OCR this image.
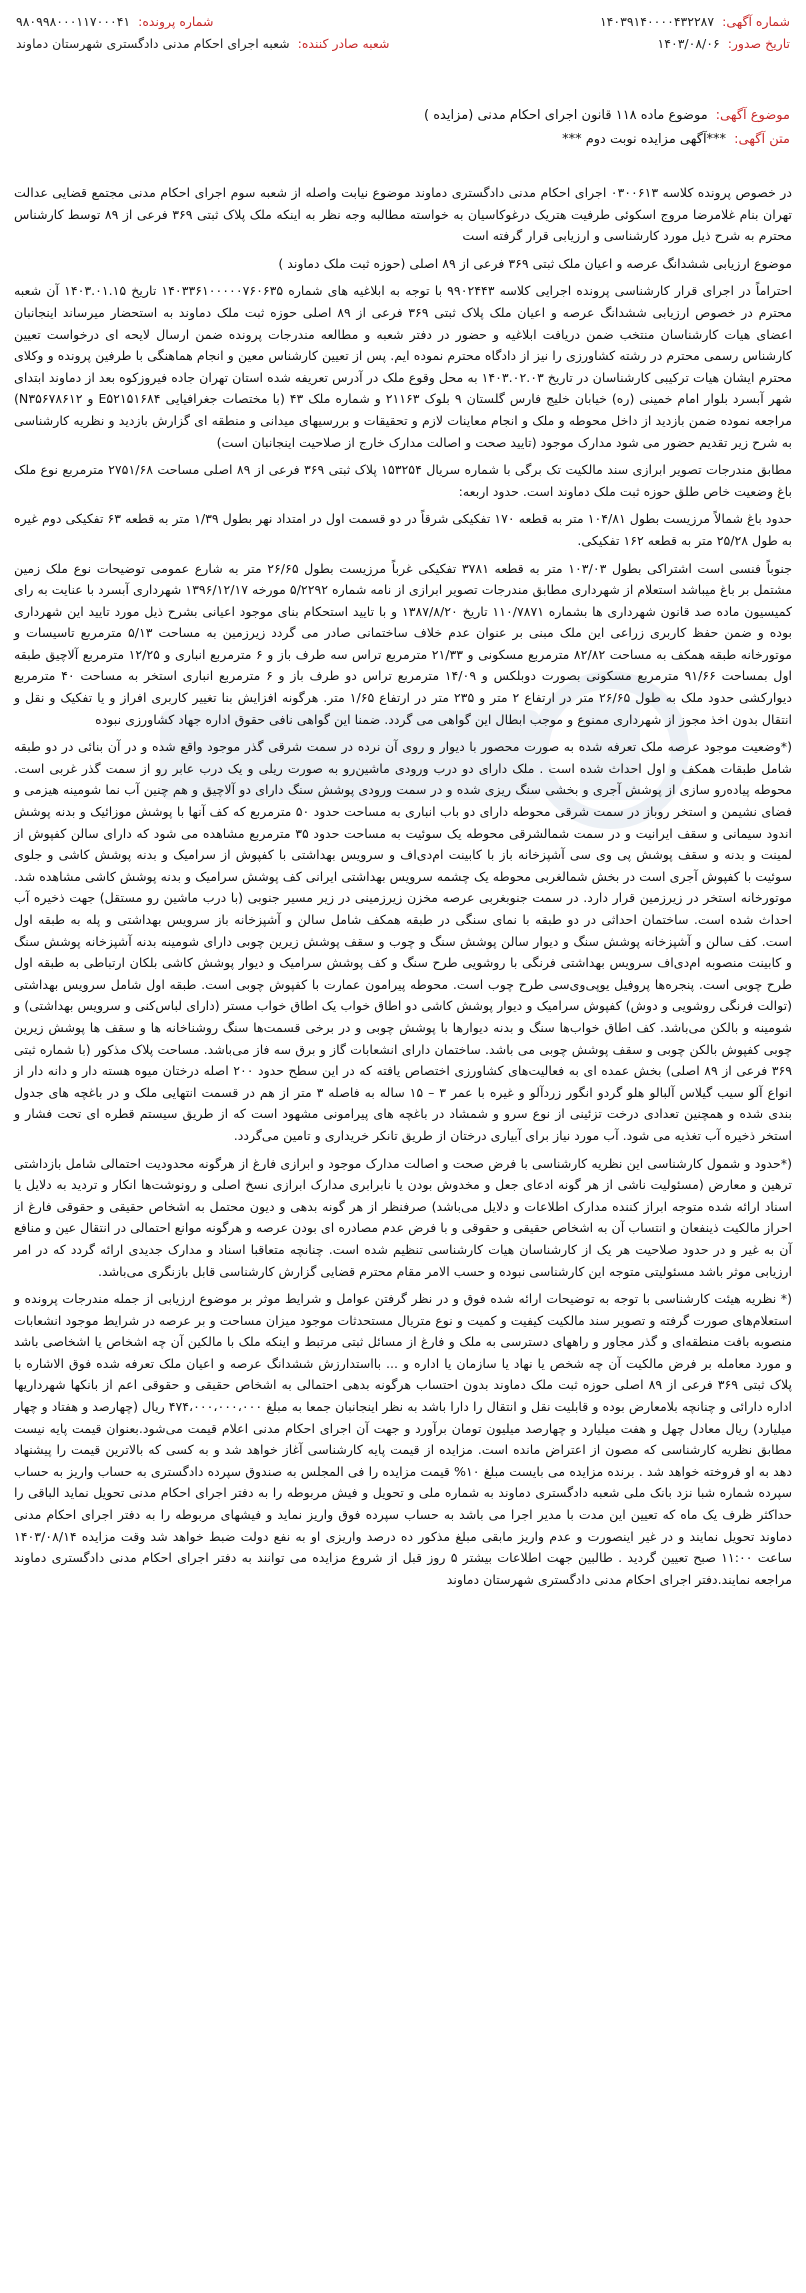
شماره آگهی:
۱۴۰۳۹۱۴۰۰۰۰۴۳۲۲۸۷
شماره پرونده:
۹۸۰۹۹۸۰۰۰۱۱۷۰۰۰۴۱
تاریخ صدور:
۱۴۰۳/۰۸/۰۶
شعبه صادر کننده:
شعبه اجرای احکام مدنی دادگستری شهرستان دماوند
موضوع آگهی:
موضوع ماده ۱۱۸ قانون اجرای احکام مدنی (مزایده )
متن آگهی:
***آگهی مزایده نوبت دوم ***

در خصوص پرونده کلاسه ۰۳۰۰۶۱۳ اجرای احکام مدنی دادگستری دماوند موضوع نیابت واصله از شعبه سوم اجرای احکام مدنی مجتمع قضایی عدالت تهران بنام غلامرضا مروج اسکوئی طرفیت هتریک درغوکاسیان به خواسته مطالبه وجه نظر به اینکه ملک پلاک ثبتی ۳۶۹ فرعی از ۸۹ توسط کارشناس محترم به شرح ذیل مورد کارشناسی و ارزیابی قرار گرفته است

موضوع ارزیابی ششدانگ عرصه و اعیان ملک ثبتی ۳۶۹ فرعی از ۸۹ اصلی (حوزه ثبت ملک دماوند )

احتراماً در اجرای قرار کارشناسی پرونده اجرایی کلاسه ۹۹۰۲۴۴۳ با توجه به ابلاغیه های شماره ۱۴۰۳۳۶۱۰۰۰۰۰۷۶۰۶۳۵ تاریخ ۱۴۰۳.۰۱.۱۵ آن شعبه محترم در خصوص ارزیابی ششدانگ عرصه و اعیان ملک پلاک ثبتی ۳۶۹ فرعی از ۸۹ اصلی حوزه ثبت ملک دماوند به استحضار میرساند اینجانبان اعضای هیات کارشناسان منتخب ضمن دریافت ابلاغیه و حضور در دفتر شعبه و مطالعه مندرجات پرونده ضمن ارسال لایحه ای درخواست تعیین کارشناس رسمی محترم در رشته کشاورزی را نیز از دادگاه محترم نموده ایم. پس از تعیین کارشناس معین و انجام هماهنگی با طرفین پرونده و وکلای محترم ایشان هیات ترکیبی کارشناسان در تاریخ ۱۴۰۳.۰۲.۰۳ به محل وقوع ملک در آدرس تعریفه شده استان تهران جاده فیروزکوه بعد از دماوند ابتدای شهر آبسرد بلوار امام خمینی (ره) خیابان خلیج فارس گلستان ۹ بلوک ۲۱۱۶۳ و شماره ملک ۴۳ (با مختصات جغرافیایی E۵۲۱۵۱۶۸۴ و N۳۵۶۷۸۶۱۲) مراجعه نموده ضمن بازدید از داخل محوطه و ملک و انجام معاینات لازم و تحقیقات و بررسیهای میدانی و منطقه ای گزارش بازدید و نظریه کارشناسی به شرح زیر تقدیم حضور می شود مدارک موجود (تایید صحت و اصالت مدارک خارج از صلاحیت اینجانبان است)

مطابق مندرجات تصویر ابرازی سند مالکیت تک برگی با شماره سریال ۱۵۳۲۵۴ پلاک ثبتی ۳۶۹ فرعی از ۸۹ اصلی مساحت ۲۷۵۱/۶۸ مترمربع نوع ملک باغ وضعیت خاص طلق حوزه ثبت ملک دماوند است. حدود اربعه:

حدود باغ شمالاً مرزیست بطول ۱۰۴/۸۱ متر به قطعه ۱۷۰ تفکیکی شرقاً در دو قسمت اول در امتداد نهر بطول ۱/۳۹ متر به قطعه ۶۳ تفکیکی دوم غیره به طول ۲۵/۲۸ متر به قطعه ۱۶۲ تفکیکی.

جنوباً فنسی است اشتراکی بطول ۱۰۳/۰۳ متر به قطعه ۳۷۸۱ تفکیکی غرباً مرزیست بطول ۲۶/۶۵ متر به شارع عمومی توضیحات نوع ملک زمین مشتمل بر باغ میباشد استعلام از شهرداری مطابق مندرجات تصویر ابرازی از نامه شماره ۵/۲۲۹۲ مورخه ۱۳۹۶/۱۲/۱۷ شهرداری آبسرد با عنایت به رای کمیسیون ماده صد قانون شهرداری ها بشماره ۱۱۰/۷۸۷۱ تاریخ ۱۳۸۷/۸/۲۰ و با تایید استحکام بنای موجود اعیانی بشرح ذیل مورد تایید این شهرداری بوده و ضمن حفظ کاربری زراعی این ملک مبنی بر عنوان عدم خلاف ساختمانی صادر می گردد زیرزمین به مساحت ۵/۱۳ مترمربع تاسیسات و موتورخانه طبقه همکف به مساحت ۸۲/۸۲ مترمربع مسکونی و ۲۱/۳۳ مترمربع تراس سه طرف باز و ۶ مترمربع انباری و ۱۲/۲۵ مترمربع آلاچیق طبقه اول بمساحت ۹۱/۶۶ مترمربع مسکونی بصورت دوبلکس و ۱۴/۰۹ مترمربع تراس دو طرف باز و ۶ مترمربع انباری استخر به مساحت ۴۰ مترمربع دیوارکشی حدود ملک به طول ۲۶/۶۵ متر در ارتفاع ۲ متر و ۲۳۵ متر در ارتفاع ۱/۶۵ متر. هرگونه افزایش بنا تغییر کاربری افراز و یا تفکیک و نقل و انتقال بدون اخذ مجوز از شهرداری ممنوع و موجب ابطال این گواهی می گردد. ضمنا این گواهی نافی حقوق اداره جهاد کشاورزی نبوده

(*وضعیت موجود عرصه ملک تعرفه شده به صورت محصور با دیوار و روی آن نرده در سمت شرقی گذر موجود واقع شده و در آن بنائی در دو طبقه شامل طبقات همکف و اول احداث شده است . ملک دارای دو درب ورودی ماشین‌رو به صورت ریلی و یک درب عابر رو از سمت گذر غربی است. محوطه پیاده‌رو سازی از پوشش آجری و بخشی سنگ ریزی شده و در سمت ورودی پوشش سنگ دارای دو آلاچیق و هم چنین آب نما شومینه هیزمی و فضای نشیمن و استخر روباز در سمت شرقی محوطه دارای دو باب انباری به مساحت حدود ۵۰ مترمربع که کف آنها با پوشش موزائیک و بدنه پوشش اندود سیمانی و سقف ایرانیت و در سمت شمالشرقی محوطه یک سوئیت به مساحت حدود ۳۵ مترمربع مشاهده می شود که دارای سالن کفپوش از لمینت و بدنه و سقف پوشش پی وی سی آشپزخانه باز با کابینت ام‌دی‌اف و سرویس بهداشتی با کفپوش از سرامیک و بدنه پوشش کاشی و جلوی سوئیت با کفپوش آجری است در بخش شمالغربی محوطه یک چشمه سرویس بهداشتی ایرانی کف پوشش سرامیک و بدنه پوشش کاشی مشاهده شد. موتورخانه استخر در زیرزمین قرار دارد. در سمت جنوبغربی عرصه مخزن زیرزمینی در زیر مسیر جنوبی (با درب ماشین رو مستقل) جهت ذخیره آب احداث شده است. ساختمان احداثی در دو طبقه با نمای سنگی در طبقه همکف شامل سالن و آشپزخانه باز سرویس بهداشتی و پله به طبقه اول است. کف سالن و آشپزخانه پوشش سنگ و دیوار سالن پوشش سنگ و چوب و سقف پوشش زیرین چوبی دارای شومینه بدنه آشپزخانه پوشش سنگ و کابینت منصوبه ام‌دی‌اف سرویس بهداشتی فرنگی با روشویی طرح سنگ و کف پوشش سرامیک و دیوار پوشش کاشی بلکان ارتباطی به طبقه اول طرح چوبی است. پنجره‌ها پروفیل یوپی‌وی‌سی طرح چوب است. محوطه پیرامون عمارت با کفپوش چوبی است. طبقه اول شامل سرویس بهداشتی (توالت فرنگی روشویی و دوش) کفپوش سرامیک و دیوار پوشش کاشی دو اطاق خواب یک اطاق خواب مستر (دارای لباس‌کنی و سرویس بهداشتی) و شومینه و بالکن می‌باشد. کف اطاق خواب‌ها سنگ و بدنه دیوارها با پوشش چوبی و در برخی قسمت‌ها سنگ روشناخانه ها و سقف ها پوشش زیرین چوبی کفپوش بالکن چوبی و سقف پوشش چوبی می باشد. ساختمان دارای انشعابات گاز و برق سه فاز می‌باشد. مساحت پلاک مذکور (با شماره ثبتی ۳۶۹ فرعی از ۸۹ اصلی) بخش عمده ای به فعالیت‌های کشاورزی اختصاص یافته که در این سطح حدود ۲۰۰ اصله درختان میوه هسته دار و دانه دار از انواع آلو سیب گیلاس آلبالو هلو گردو انگور زردآلو و غیره با عمر ۳ – ۱۵ ساله به فاصله ۳ متر از هم در قسمت انتهایی ملک و در باغچه های جدول بندی شده و همچنین تعدادی درخت تزئینی از نوع سرو و شمشاد در باغچه های پیرامونی مشهود است که از طریق سیستم قطره ای تحت فشار و استخر ذخیره آب تغذیه می شود. آب مورد نیاز برای آبیاری درختان از طریق تانکر خریداری و تامین می‌گردد.

(*حدود و شمول کارشناسی این نظریه کارشناسی با فرض صحت و اصالت مدارک موجود و ابرازی فارغ از هرگونه محدودیت احتمالی شامل بازداشتی ترهین و معارض (مسئولیت ناشی از هر گونه ادعای جعل و مخدوش بودن یا نابرابری مدارک ابرازی نسخ اصلی و رونوشت‌ها انکار و تردید به دلایل یا اسناد ارائه شده متوجه ابراز کننده مدارک اطلاعات و دلایل می‌باشد) صرفنظر از هر گونه بدهی و دیون محتمل به اشخاص حقیقی و حقوقی فارغ از احراز مالکیت ذینفعان و انتساب آن به اشخاص حقیقی و حقوقی و با فرض عدم مصادره ای بودن عرصه و هرگونه موانع احتمالی در انتقال عین و منافع آن به غیر و در حدود صلاحیت هر یک از کارشناسان هیات کارشناسی تنظیم شده است. چنانچه متعاقبا اسناد و مدارک جدیدی ارائه گردد که در امر ارزیابی موثر باشد مسئولیتی متوجه این کارشناسی نبوده و حسب الامر مقام محترم قضایی گزارش کارشناسی قابل بازنگری می‌باشد.

(* نظریه هیئت کارشناسی با توجه به توضیحات ارائه شده فوق و در نظر گرفتن عوامل و شرایط موثر بر موضوع ارزیابی از جمله مندرجات پرونده و استعلام‌های صورت گرفته و تصویر سند مالکیت کیفیت و کمیت و نوع متریال مستحدثات موجود میزان مساحت و بر عرصه در شرایط موجود انشعابات منصوبه بافت منطقه‌ای و گذر مجاور و راههای دسترسی به ملک و فارغ از مسائل ثبتی مرتبط و اینکه ملک با مالکین آن چه اشخاص یا اشخاصی باشد و مورد معامله بر فرض مالکیت آن چه شخص یا نهاد یا سازمان یا اداره و ... بااستدارزش ششدانگ عرصه و اعیان ملک تعرفه شده فوق الاشاره با پلاک ثبتی ۳۶۹ فرعی از ۸۹ اصلی حوزه ثبت ملک دماوند بدون احتساب هرگونه بدهی احتمالی به اشخاص حقیقی و حقوقی اعم از بانکها شهرداریها اداره دارائی و چنانچه بلامعارض بوده و قابلیت نقل و انتقال را دارا باشد به نظر اینجانبان جمعا به مبلغ ۴۷۴،۰۰۰،۰۰۰،۰۰۰ ریال (چهارصد و هفتاد و چهار میلیارد) ریال معادل چهل و هفت میلیارد و چهارصد میلیون تومان برآورد و جهت آن اجرای احکام مدنی اعلام قیمت می‌شود.بعنوان قیمت پایه نیست مطابق نظریه کارشناسی که مصون از اعتراض مانده است. مزایده از قیمت پایه کارشناسی آغاز خواهد شد و به کسی که بالاترین قیمت را پیشنهاد دهد به او فروخته خواهد شد . برنده مزایده می بایست مبلغ ۱۰% قیمت مزایده را فی المجلس به صندوق سپرده دادگستری به حساب واریز به حساب سپرده شماره شبا نزد بانک ملی شعبه دادگستری دماوند به شماره ملی و تحویل و فیش مربوطه را به دفتر اجرای احکام مدنی تحویل نماید الباقی را حداکثر ظرف یک ماه که تعیین این مدت با مدیر اجرا می باشد به حساب سپرده فوق واریز نماید و فیشهای مربوطه را به دفتر اجرای احکام مدنی دماوند تحویل نمایند و در غیر اینصورت و عدم واریز مابقی مبلغ مذکور ده درصد واریزی او به نفع دولت ضبط خواهد شد وقت مزایده ۱۴۰۳/۰۸/۱۴ ساعت ۱۱:۰۰ صبح تعیین گردید . طالبین جهت اطلاعات بیشتر ۵ روز قبل از شروع مزایده می توانند به دفتر اجرای احکام مدنی دادگستری دماوند مراجعه نمایند.دفتر اجرای احکام مدنی دادگستری شهرستان دماوند
